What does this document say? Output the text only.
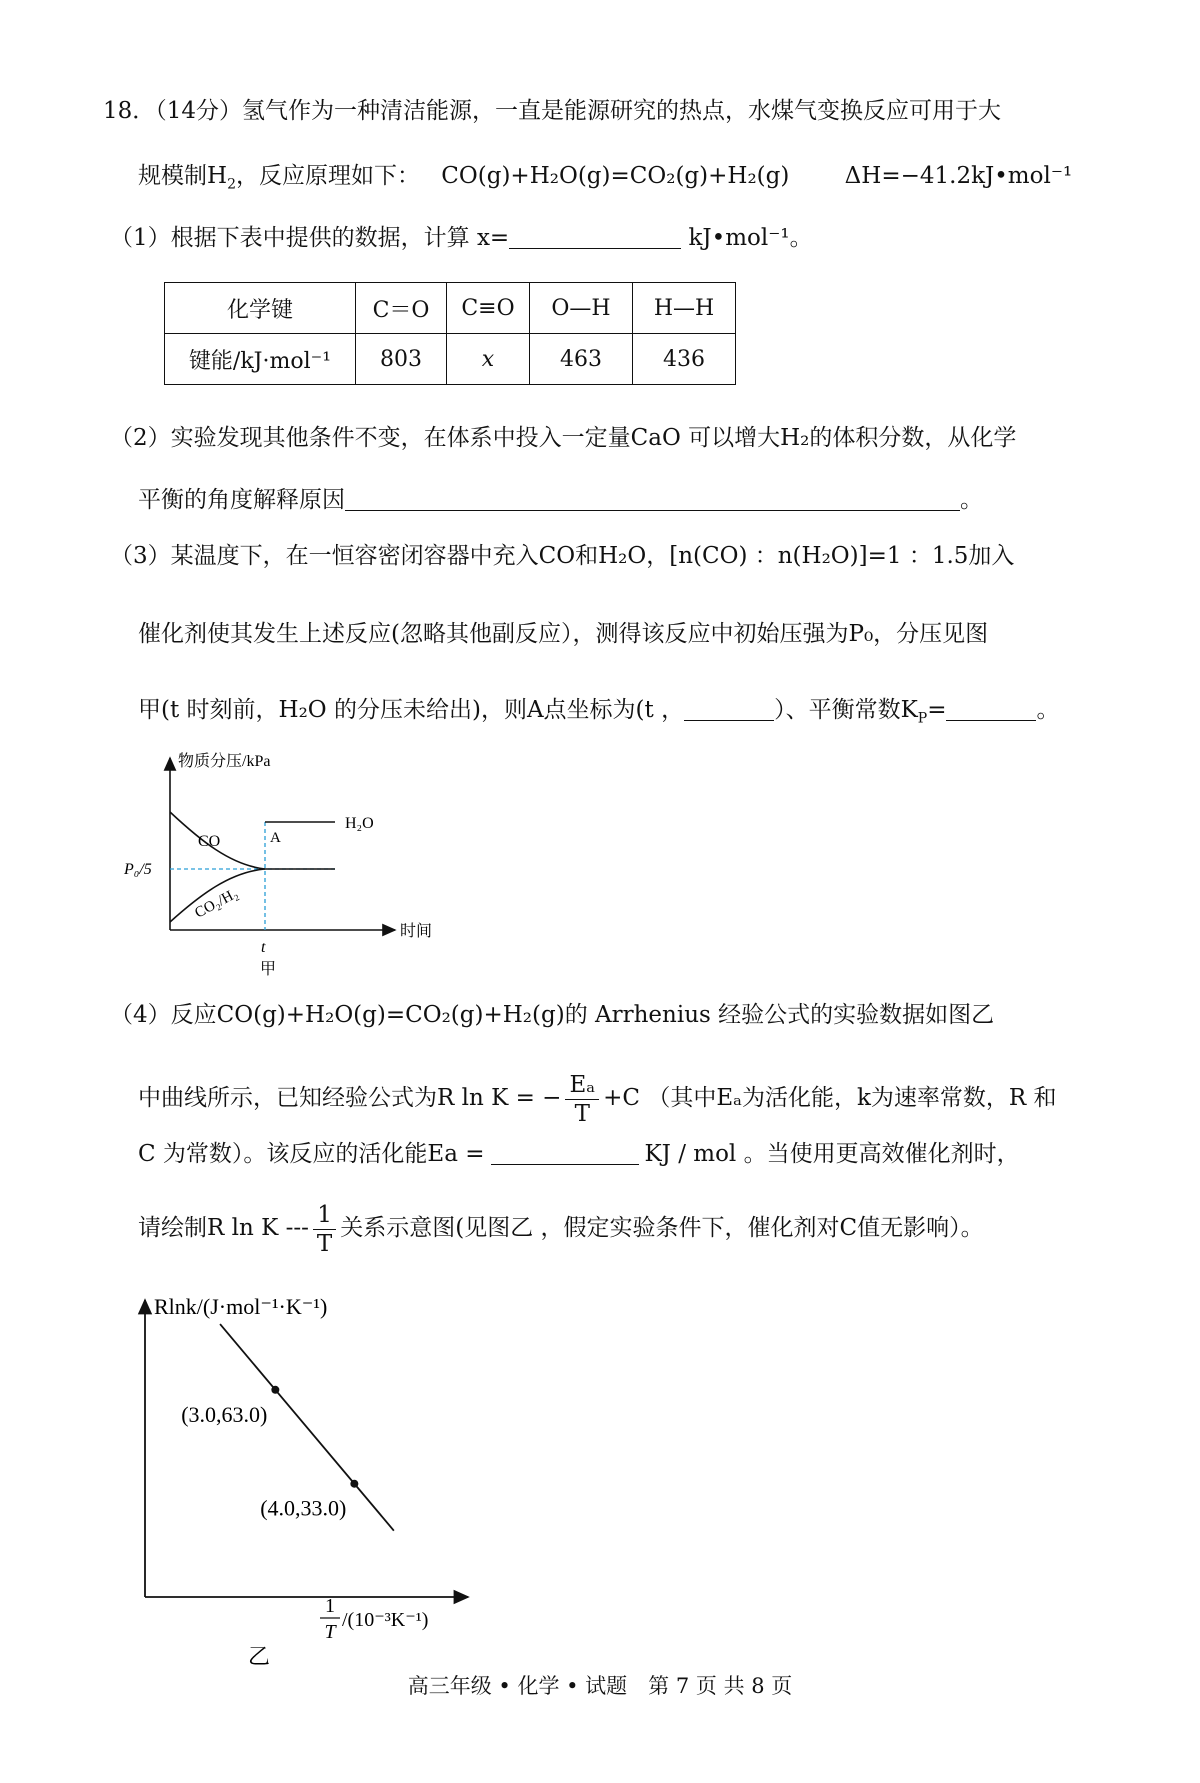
18．（14分）氢气作为一种清洁能源，一直是能源研究的热点，水煤气变换反应可用于大
规模制$H_2$，反应原理如下： CO(g)+H₂O(g)=CO₂(g)+H₂(g) ΔH=−41.2kJ•mol⁻¹
（1）根据下表中提供的数据，计算 x=	kJ•mol⁻¹。
化学键	C＝O	C≡O	O—H	H—H
键能/kJ·mol⁻¹	803	x	463	436
（2）实验发现其他条件不变，在体系中投入一定量CaO 可以增大H₂的体积分数，从化学
平衡的角度解释原因	。
（3）某温度下，在一恒容密闭容器中充入CO和H₂O，[n(CO) ：n(H₂O)]=1 ：1.5加入
催化剂使其发生上述反应(忽略其他副反应），测得该反应中初始压强为P₀，分压见图
甲(t 时刻前，H₂O 的分压未给出)，则A点坐标为(t ，	）、平衡常数$K_P=$	。
物质分压/kPa
时间
P₀/5
t
A
CO
H₂O
CO₂/H₂
甲
（4）反应CO(g)+H₂O(g)=CO₂(g)+H₂(g)的 Arrhenius 经验公式的实验数据如图乙
中曲线所示，已知经验公式为R ln K = − $\frac{\text{Eₐ}}{T} +C$ （其中Eₐ为活化能，k为速率常数，R 和
C 为常数）。该反应的活化能Ea =	KJ / mol 。当使用更高效催化剂时，
请绘制R ln K --- $\frac{1}{T}$ 关系示意图(见图乙 ，假定实验条件下，催化剂对C值无影响）。
(3.0,63.0)
(4.0,33.0)
Rlnk/(J·mol⁻¹·K⁻¹)
1
T
/(10⁻³K⁻¹)
乙
高三年级 • 化学 • 试题　第 7 页 共 8 页
